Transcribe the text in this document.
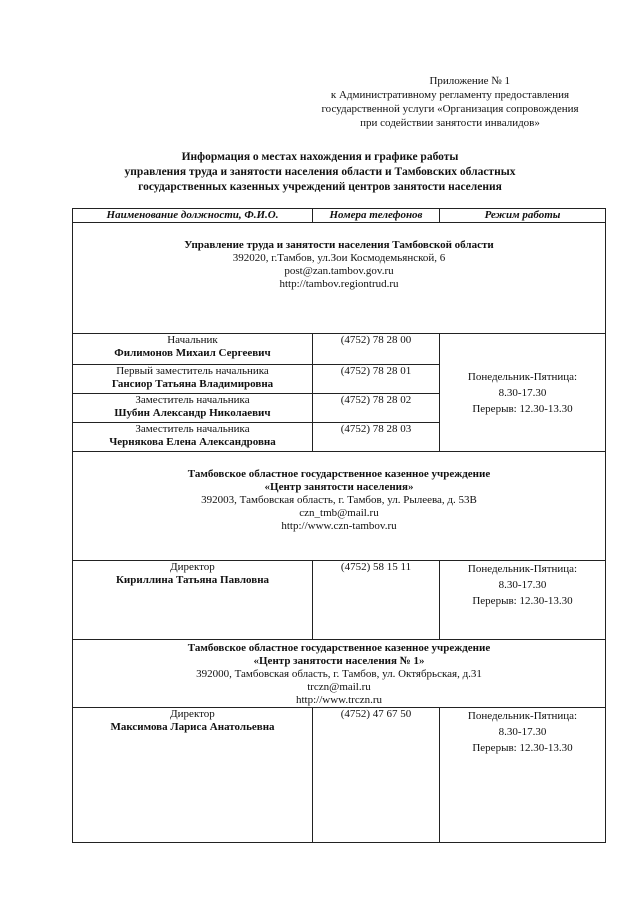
Приложение № 1
к Административному регламенту предоставления
государственной услуги «Организация сопровождения
при содействии занятости инвалидов»
Информация о местах нахождения и графике работы
управления труда и занятости населения области и Тамбовских областных
государственных казенных учреждений центров занятости населения
Наименование должности, Ф.И.О.	Номера телефонов	Режим работы

Управление труда и занятости населения Тамбовской области
392020, г.Тамбов, ул.Зои Космодемьянской, 6
post@zan.tambov.gov.ru
http://tambov.regiontrud.ru		

Начальник
Филимонов Михаил Сергеевич	(4752) 78 28 00	Понедельник-Пятница:
8.30-17.30
Перерыв: 12.30-13.30

Первый заместитель начальника
Гансиор Татьяна Владимировна	(4752) 78 28 01	

Заместитель начальника
Шубин Александр Николаевич	(4752) 78 28 02	

Заместитель начальника
Чернякова Елена Александровна	(4752) 78 28 03	

Тамбовское областное государственное казенное учреждение
«Центр занятости населения»
392003, Тамбовская область, г. Тамбов, ул. Рылеева, д. 53В
czn_tmb@mail.ru
http://www.czn-tambov.ru		

Директор
Кириллина Татьяна Павловна	(4752) 58 15 11	Понедельник-Пятница:
8.30-17.30
Перерыв: 12.30-13.30

Тамбовское областное государственное казенное учреждение
«Центр занятости населения № 1»
392000, Тамбовская область, г. Тамбов, ул. Октябрьская, д.31
trczn@mail.ru
http://www.trczn.ru		

Директор
Максимова Лариса Анатольевна	(4752) 47 67 50	Понедельник-Пятница:
8.30-17.30
Перерыв: 12.30-13.30
